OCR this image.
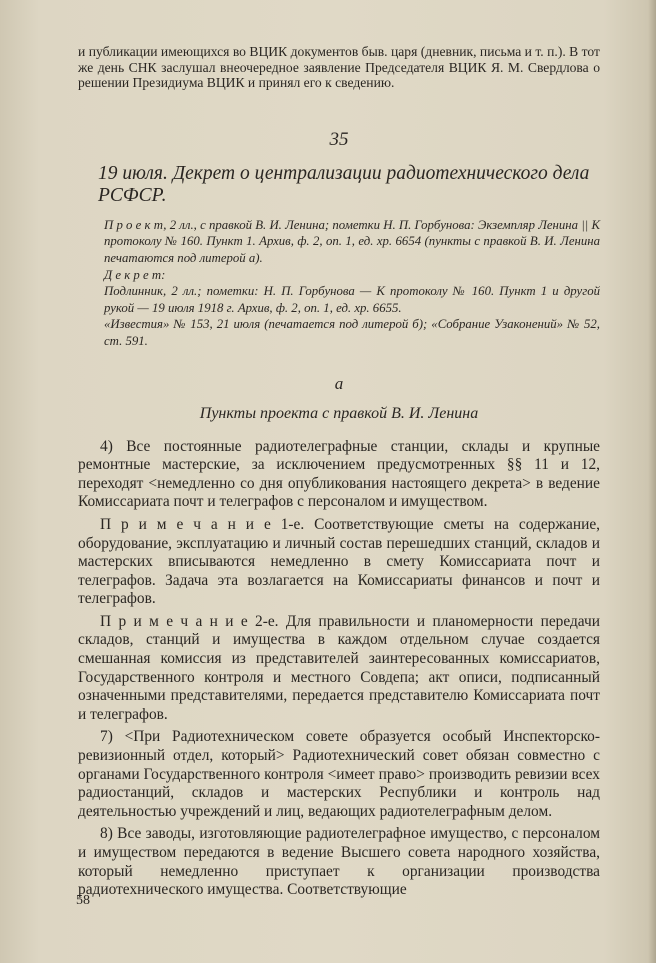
и публикации имеющихся во ВЦИК документов быв. царя (дневник, письма и т. п.). В тот же день СНК заслушал внеочередное заявление Председателя ВЦИК Я. М. Свердлова о решении Президиума ВЦИК и принял его к сведению.

35
19 июля. Декрет о централизации радиотехнического дела РСФСР.

П р о е к т, 2 лл., с правкой В. И. Ленина; пометки Н. П. Горбунова: Экземпляр Ленина || К протоколу № 160. Пункт 1. Архив, ф. 2, оп. 1, ед. хр. 6654 (пункты с правкой В. И. Ленина печатаются под литерой а).

Д е к р е т:

Подлинник, 2 лл.; пометки: Н. П. Горбунова — К протоколу № 160. Пункт 1 и другой рукой — 19 июля 1918 г. Архив, ф. 2, оп. 1, ед. хр. 6655.

«Известия» № 153, 21 июля (печатается под литерой б); «Собрание Узаконений» № 52, ст. 591.

а
Пункты проекта с правкой В. И. Ленина

4) Все постоянные радиотелеграфные станции, склады и крупные ремонтные мастерские, за исключением предусмотренных §§ 11 и 12, переходят <немедленно со дня опубликования настоящего декрета> в ведение Комиссариата почт и телеграфов с персоналом и имуществом.

П р и м е ч а н и е 1-е. Соответствующие сметы на содержание, оборудование, эксплуатацию и личный состав перешедших станций, складов и мастерских вписываются немедленно в смету Комиссариата почт и телеграфов. Задача эта возлагается на Комиссариаты финансов и почт и телеграфов.

П р и м е ч а н и е 2-е. Для правильности и планомерности передачи складов, станций и имущества в каждом отдельном случае создается смешанная комиссия из представителей заинтересованных комиссариатов, Государственного контроля и местного Совдепа; акт описи, подписанный означенными представителями, передается представителю Комиссариата почт и телеграфов.

7) <При Радиотехническом совете образуется особый Инспекторско-ревизионный отдел, который> Радиотехнический совет обязан совместно с органами Государственного контроля <имеет право> производить ревизии всех радиостанций, складов и мастерских Республики и контроль над деятельностью учреждений и лиц, ведающих радиотелеграфным делом.

8) Все заводы, изготовляющие радиотелеграфное имущество, с персоналом и имуществом передаются в ведение Высшего совета народного хозяйства, который немедленно приступает к организации производства радиотехнического имущества. Соответствующие

58
